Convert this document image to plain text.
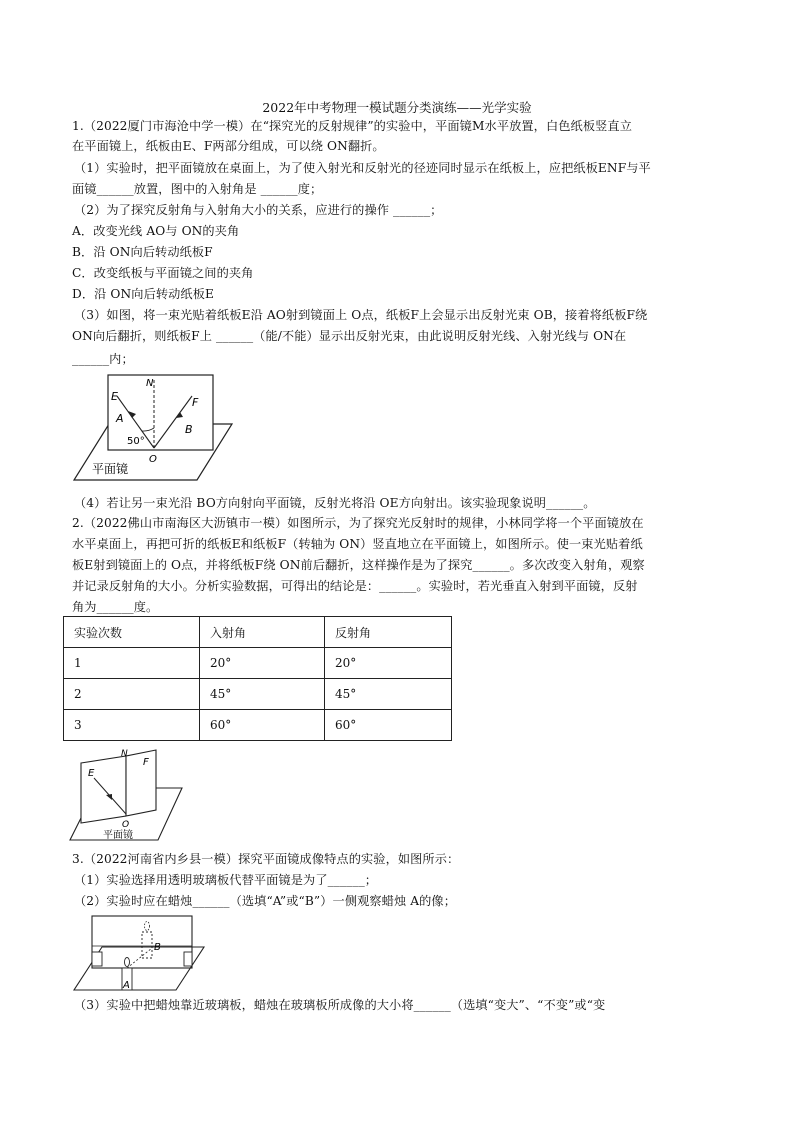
2022年中考物理一模试题分类演练——光学实验
1.（2022厦门市海沧中学一模）在“探究光的反射规律”的实验中，平面镜M水平放置，白色纸板竖直立
在平面镜上，纸板由E、F两部分组成，可以绕 ON翻折。
（1）实验时，把平面镜放在桌面上，为了使入射光和反射光的径迹同时显示在纸板上，应把纸板ENF与平
面镜______放置，图中的入射角是 ______度；
（2）为了探究反射角与入射角大小的关系，应进行的操作 ______；
A．改变光线 AO与 ON的夹角
B．沿 ON向后转动纸板F
C．改变纸板与平面镜之间的夹角
D．沿 ON向后转动纸板E
（3）如图，将一束光贴着纸板E沿 AO射到镜面上 O点，纸板F上会显示出反射光束 OB，接着将纸板F绕
ON向后翻折，则纸板F上 ______（能/不能）显示出反射光束，由此说明反射光线、入射光线与 ON在
______内；
E	F
N
A
B
O
50°
平面镜
（4）若让另一束光沿 BO方向射向平面镜，反射光将沿 OE方向射出。该实验现象说明______。
2.（2022佛山市南海区大沥镇市一模）如图所示，为了探究光反射时的规律，小林同学将一个平面镜放在
水平桌面上，再把可折的纸板E和纸板F（转轴为 ON）竖直地立在平面镜上，如图所示。使一束光贴着纸
板E射到镜面上的 O点，并将纸板F绕 ON前后翻折，这样操作是为了探究______。多次改变入射角，观察
并记录反射角的大小。分析实验数据，可得出的结论是：______。实验时，若光垂直入射到平面镜，反射
角为______度。
实验次数	入射角	反射角
1	20°	20°
2	45°	45°
3	60°	60°
E
F
N
O
平面镜
3.（2022河南省内乡县一模）探究平面镜成像特点的实验，如图所示：
（1）实验选择用透明玻璃板代替平面镜是为了______；
（2）实验时应在蜡烛______（选填“A”或“B”）一侧观察蜡烛 A的像；
B
A
（3）实验中把蜡烛靠近玻璃板，蜡烛在玻璃板所成像的大小将______（选填“变大”、“不变”或“变
